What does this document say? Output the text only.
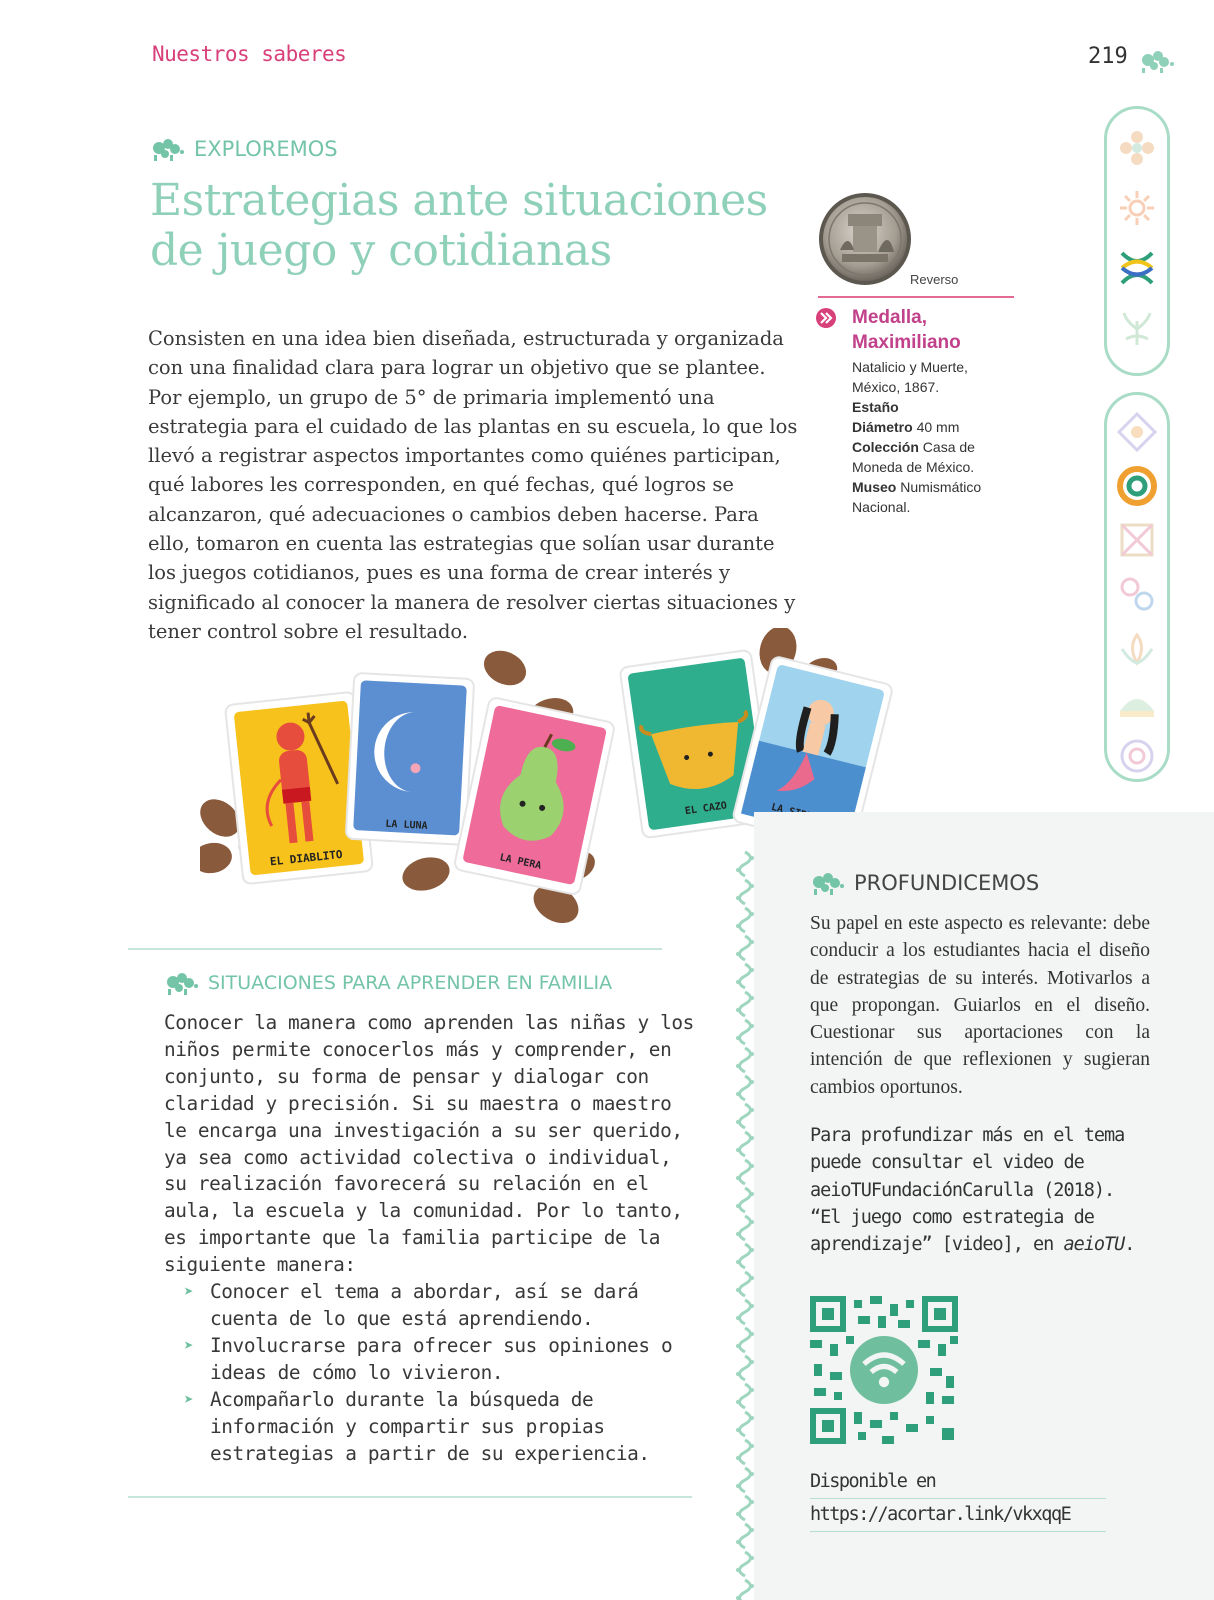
Nuestros saberes	219
EXPLOREMOS
Estrategias ante situaciones
de juego y cotidianas

Consisten en una idea bien diseñada, estructurada y organizada con una finalidad clara para lograr un objetivo que se plantee. Por ejemplo, un grupo de 5° de primaria implementó una estrategia para el cuidado de las plantas en su escuela, lo que los llevó a registrar aspectos importantes como quiénes participan, qué labores les corresponden, en qué fechas, qué logros se alcanzaron, qué adecuaciones o cambios deben hacerse. Para ello, tomaron en cuenta las estrategias que solían usar durante los juegos cotidianos, pues es una forma de crear interés y significado al conocer la manera de resolver ciertas situaciones y tener control sobre el resultado.

Reverso
Medalla, Maximiliano
Natalicio y Muerte, México, 1867.
Estaño
Diámetro 40 mm
Colección Casa de Moneda de México.
Museo Numismático Nacional.
EL DIABLITO
LA LUNA
LA PERA
EL CAZO
SITUACIONES PARA APRENDER EN FAMILIA

Conocer la manera como aprenden las niñas y los niños permite conocerlos más y comprender, en conjunto, su forma de pensar y dialogar con claridad y precisión. Si su maestra o maestro le encarga una investigación a su ser querido, ya sea como actividad colectiva o individual, su realización favorecerá su relación en el aula, la escuela y la comunidad. Por lo tanto, es importante que la familia participe de la siguiente manera:

➤ Conocer el tema a abordar, así se dará cuenta de lo que está aprendiendo.
➤ Involucrarse para ofrecer sus opiniones o ideas de cómo lo vivieron.
➤ Acompañarlo durante la búsqueda de información y compartir sus propias estrategias a partir de su experiencia.
PROFUNDICEMOS

Su papel en este aspecto es relevante: debe conducir a los estudiantes hacia el diseño de estrategias de su interés. Motivarlos a que propongan. Guiarlos en el diseño. Cuestionar sus aportaciones con la intención de que reflexionen y sugieran cambios oportunos.

Para profundizar más en el tema puede consultar el video de aeioTUFundaciónCarulla (2018). “El juego como estrategia de aprendizaje” [video], en aeioTU.

Disponible en
https://acortar.link/vkxqqE
